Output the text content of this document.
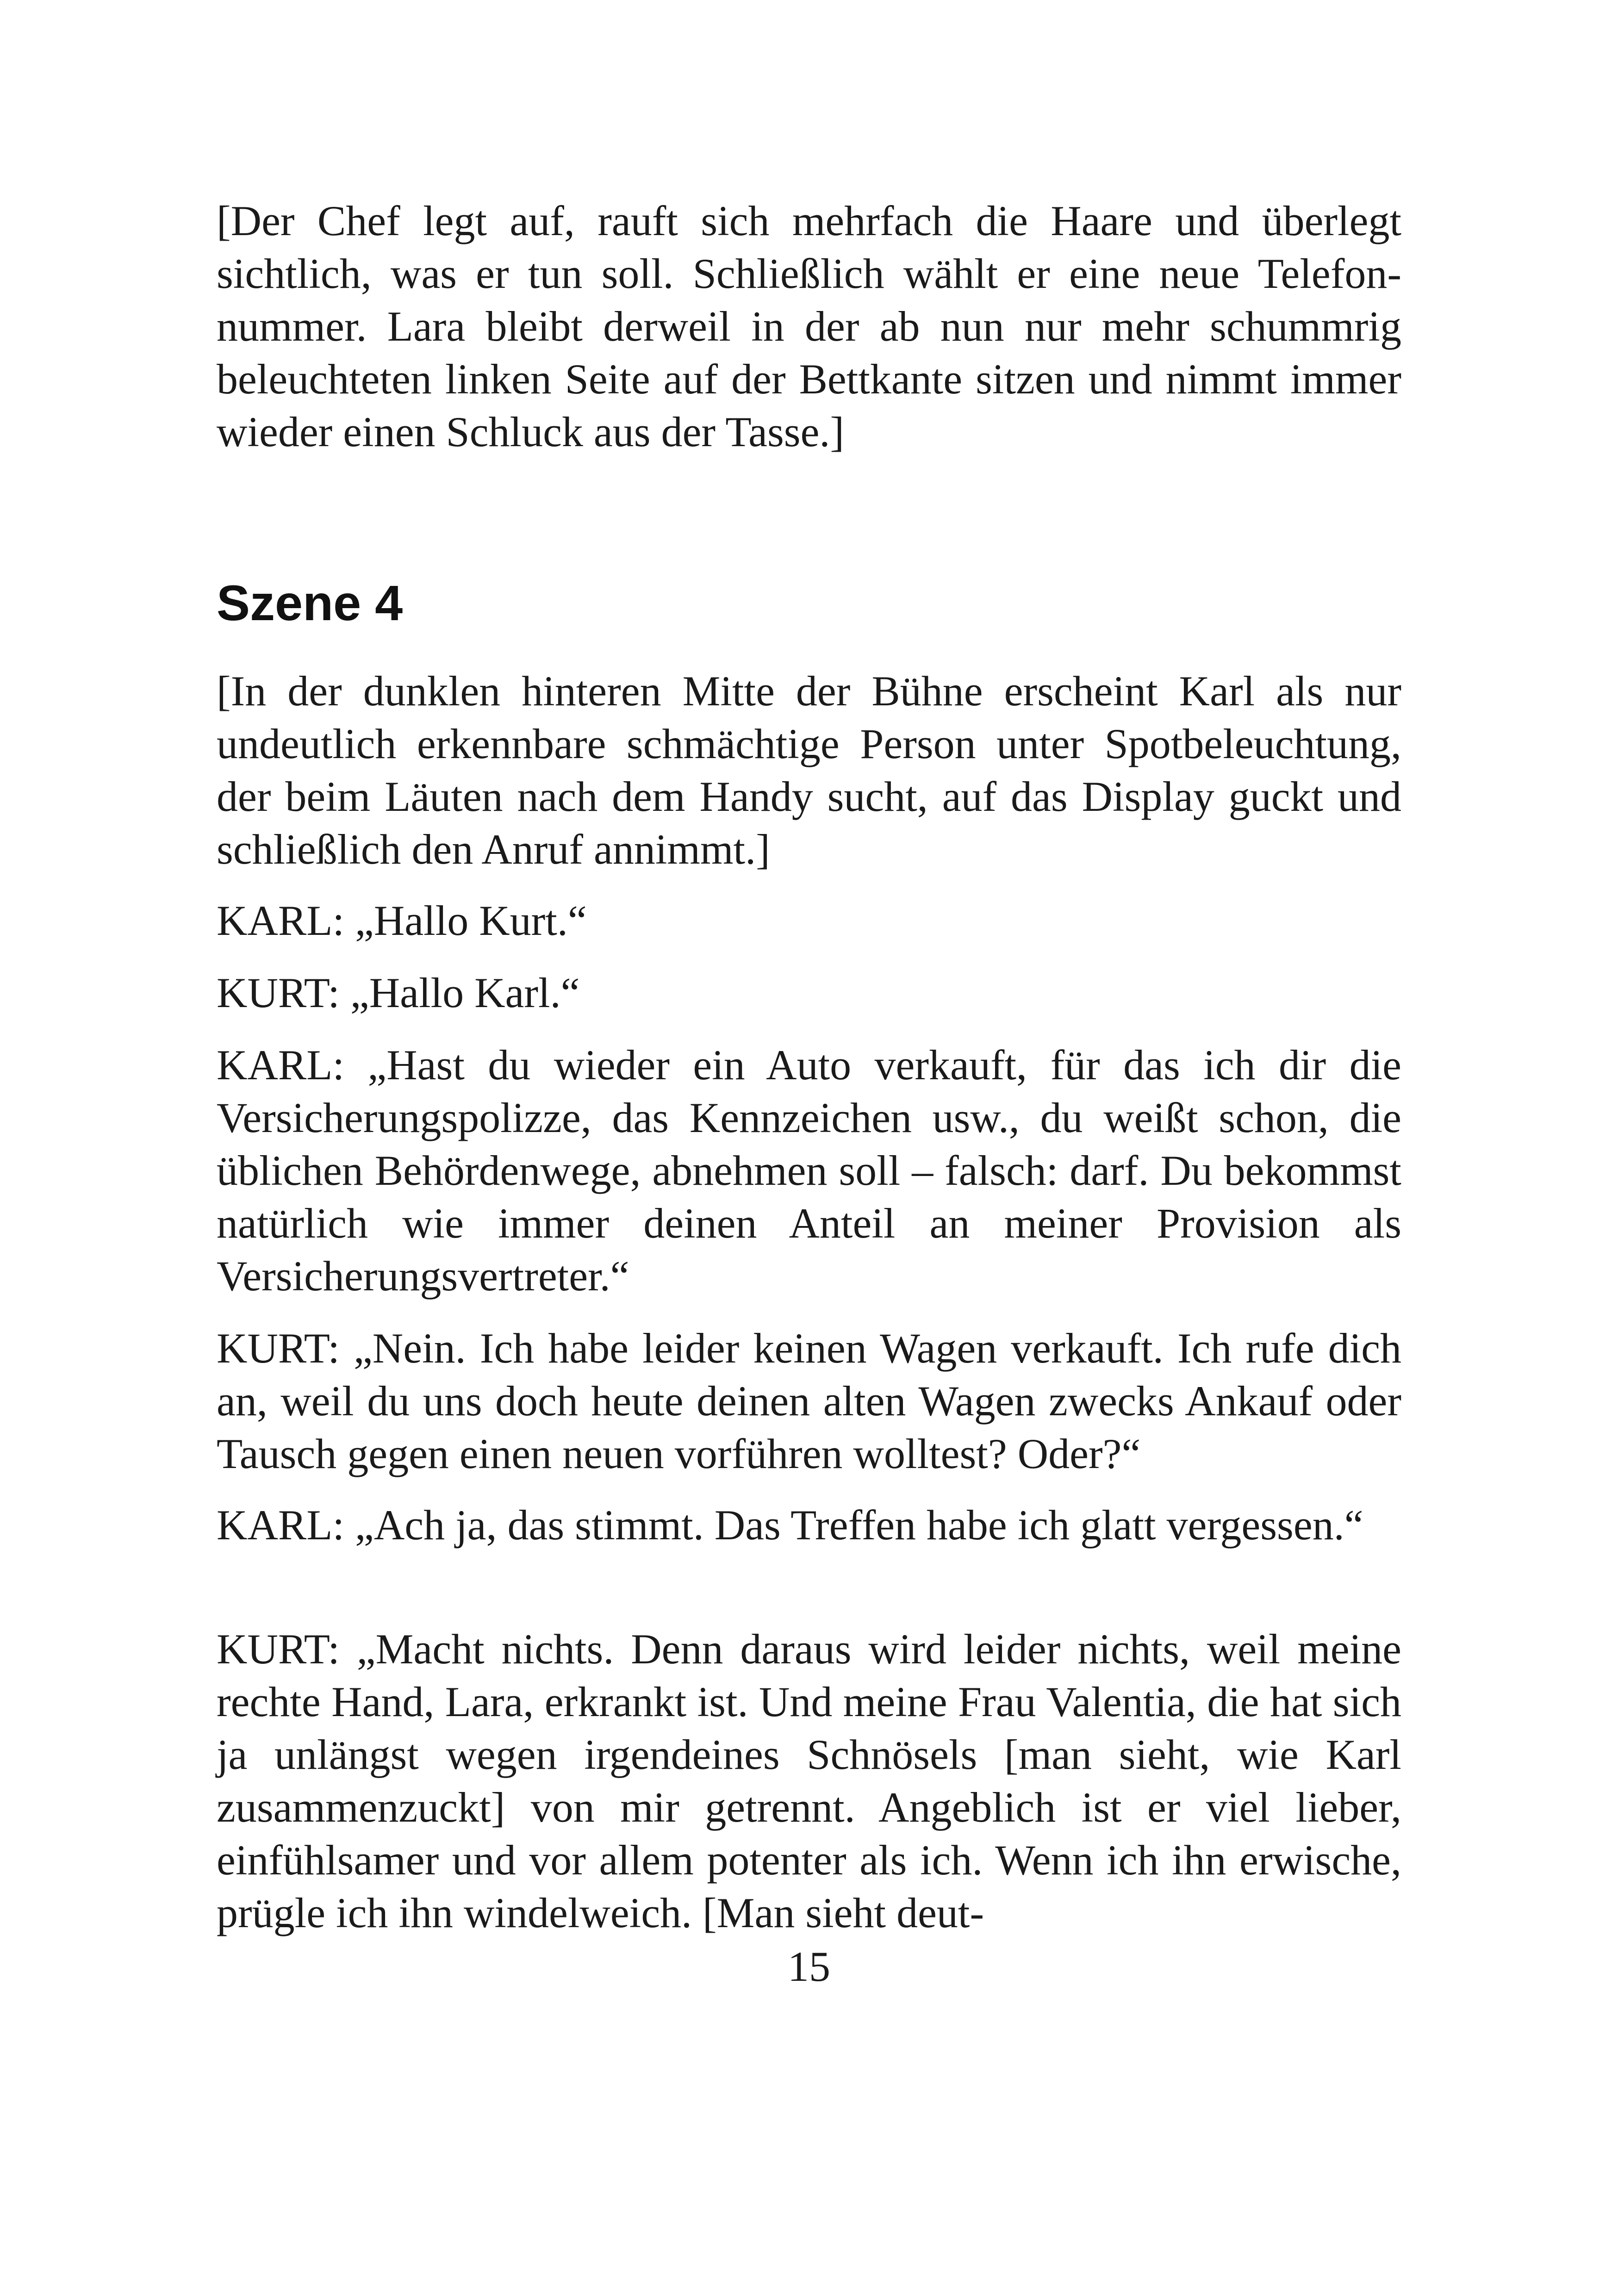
[Der Chef legt auf, rauft sich mehrfach die Haare und überlegt sichtlich, was er tun soll. Schließlich wählt er eine neue Telefonnummer. Lara bleibt derweil in der ab nun nur mehr schummrig beleuchteten linken Seite auf der Bettkante sitzen und nimmt immer wieder einen Schluck aus der Tasse.]

Szene 4

[In der dunklen hinteren Mitte der Bühne erscheint Karl als nur undeutlich erkennbare schmächtige Person unter Spotbeleuchtung, der beim Läuten nach dem Handy sucht, auf das Display guckt und schließlich den Anruf annimmt.]

KARL: „Hallo Kurt.“

KURT: „Hallo Karl.“

KARL: „Hast du wieder ein Auto verkauft, für das ich dir die Versicherungspolizze, das Kennzeichen usw., du weißt schon, die üblichen Behördenwege, abnehmen soll – falsch: darf. Du bekommst natürlich wie immer deinen Anteil an meiner Provision als Versicherungsvertreter.“

KURT: „Nein. Ich habe leider keinen Wagen verkauft. Ich rufe dich an, weil du uns doch heute deinen alten Wagen zwecks Ankauf oder Tausch gegen einen neuen vorführen wolltest? Oder?“

KARL: „Ach ja, das stimmt. Das Treffen habe ich glatt vergessen.“

KURT: „Macht nichts. Denn daraus wird leider nichts, weil meine rechte Hand, Lara, erkrankt ist. Und meine Frau Valentia, die hat sich ja unlängst wegen irgendeines Schnösels [man sieht, wie Karl zusammenzuckt] von mir getrennt. Angeblich ist er viel lieber, einfühlsamer und vor allem potenter als ich. Wenn ich ihn erwische, prügle ich ihn windelweich. [Man sieht deut-

15
